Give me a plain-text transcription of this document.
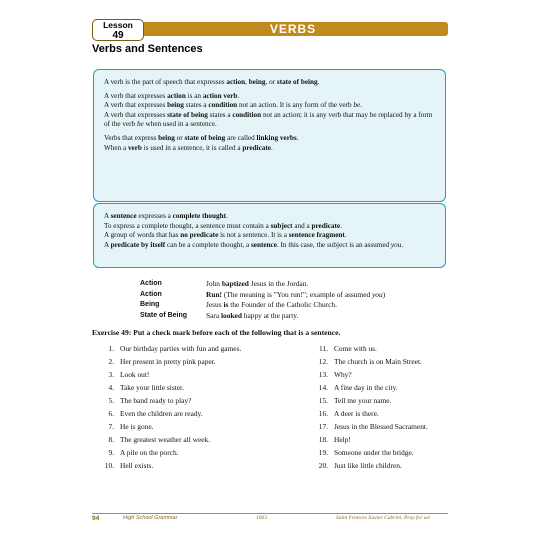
Lesson
49	VERBS
Verbs and Sentences

A verb is the part of speech that expresses action, being, or state of being.

A verb that expresses action is an action verb.
A verb that expresses being states a condition not an action. It is any form of the verb be.
A verb that expresses state of being states a condition not an action; it is any verb that may be replaced by a form of the verb be when used in a sentence.

Verbs that express being or state of being are called linking verbs.
When a verb is used in a sentence, it is called a predicate.

A sentence expresses a complete thought.
To express a complete thought, a sentence must contain a subject and a predicate.
A group of words that has no predicate is not a sentence. It is a sentence fragment.
A predicate by itself can be a complete thought, a sentence. In this case, the subject is an assumed you.

Action	John baptized Jesus in the Jordan.
Action	Run! (The meaning is "You run!"; example of assumed you)
Being	Jesus is the Founder of the Catholic Church.
State of Being	Sara looked happy at the party.
Exercise 49: Put a check mark before each of the following that is a sentence.
1. Our birthday parties with fun and games.
2. Her present in pretty pink paper.
3. Look out!
4. Take your little sister.
5. The band ready to play?
6. Even the children are ready.
7. He is gone.
8. The greatest weather all week.
9. A pile on the porch.
10. Hell exists.
11. Come with us.
12. The church is on Main Street.
13. Why?
14. A fine day in the city.
15. Tell me your name.
16. A deer is there.
17. Jesus in the Blessed Sacrament.
18. Help!
19. Someone under the bridge.
20. Just like little children.
94	High School Grammar	1063	Saint Frances Xavier Cabrini, Pray for us!
